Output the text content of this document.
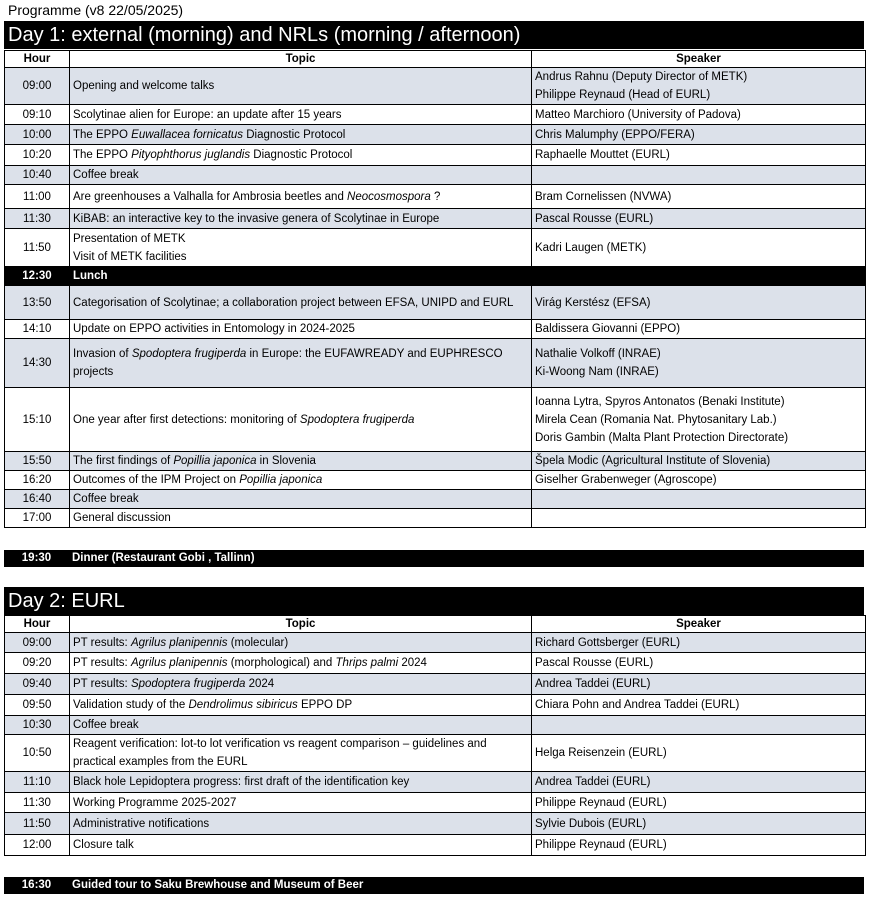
Programme (v8 22/05/2025)
Day 1: external (morning) and NRLs (morning / afternoon)
Hour	Topic	Speaker
09:00	Opening and welcome talks	Andrus Rahnu (Deputy Director of METK)
Philippe Reynaud (Head of EURL)

09:10	Scolytinae alien for Europe: an update after 15 years	Matteo Marchioro (University of Padova)

10:00	The EPPO Euwallacea fornicatus Diagnostic Protocol	Chris Malumphy (EPPO/FERA)

10:20	The EPPO Pityophthorus juglandis Diagnostic Protocol	Raphaelle Mouttet (EURL)

10:40	Coffee break	
11:00	Are greenhouses a Valhalla for Ambrosia beetles and Neocosmospora ?	Bram Cornelissen (NVWA)

11:30	KiBAB: an interactive key to the invasive genera of Scolytinae in Europe	Pascal Rousse (EURL)

11:50	Presentation of METK
Visit of METK facilities	Kadri Laugen (METK)

12:30	Lunch	
13:50	Categorisation of Scolytinae; a collaboration project between EFSA, UNIPD and EURL	Virág Kerstész (EFSA)

14:10	Update on EPPO activities in Entomology in 2024-2025	Baldissera Giovanni (EPPO)

14:30	Invasion of Spodoptera frugiperda in Europe: the EUFAWREADY and EUPHRESCO projects	Nathalie Volkoff (INRAE)
Ki-Woong Nam (INRAE)

15:10	One year after first detections: monitoring of Spodoptera frugiperda	Ioanna Lytra, Spyros Antonatos (Benaki Institute)
Mirela Cean (Romania Nat. Phytosanitary Lab.)
Doris Gambin (Malta Plant Protection Directorate)

15:50	The first findings of Popillia japonica in Slovenia	Špela Modic (Agricultural Institute of Slovenia)

16:20	Outcomes of the IPM Project on Popillia japonica	Giselher Grabenweger (Agroscope)

16:40	Coffee break	
17:00	General discussion	
19:30 Dinner (Restaurant Gobi , Tallinn)
Day 2: EURL
Hour	Topic	Speaker
09:00	PT results: Agrilus planipennis (molecular)	Richard Gottsberger (EURL)

09:20	PT results: Agrilus planipennis (morphological) and Thrips palmi 2024	Pascal Rousse (EURL)

09:40	PT results: Spodoptera frugiperda 2024	Andrea Taddei (EURL)

09:50	Validation study of the Dendrolimus sibiricus EPPO DP	Chiara Pohn and Andrea Taddei (EURL)

10:30	Coffee break	
10:50	Reagent verification: lot-to lot verification vs reagent comparison – guidelines and practical examples from the EURL	Helga Reisenzein (EURL)

11:10	Black hole Lepidoptera progress: first draft of the identification key	Andrea Taddei (EURL)

11:30	Working Programme 2025-2027	Philippe Reynaud (EURL)

11:50	Administrative notifications	Sylvie Dubois (EURL)

12:00	Closure talk	Philippe Reynaud (EURL)
16:30 Guided tour to Saku Brewhouse and Museum of Beer
